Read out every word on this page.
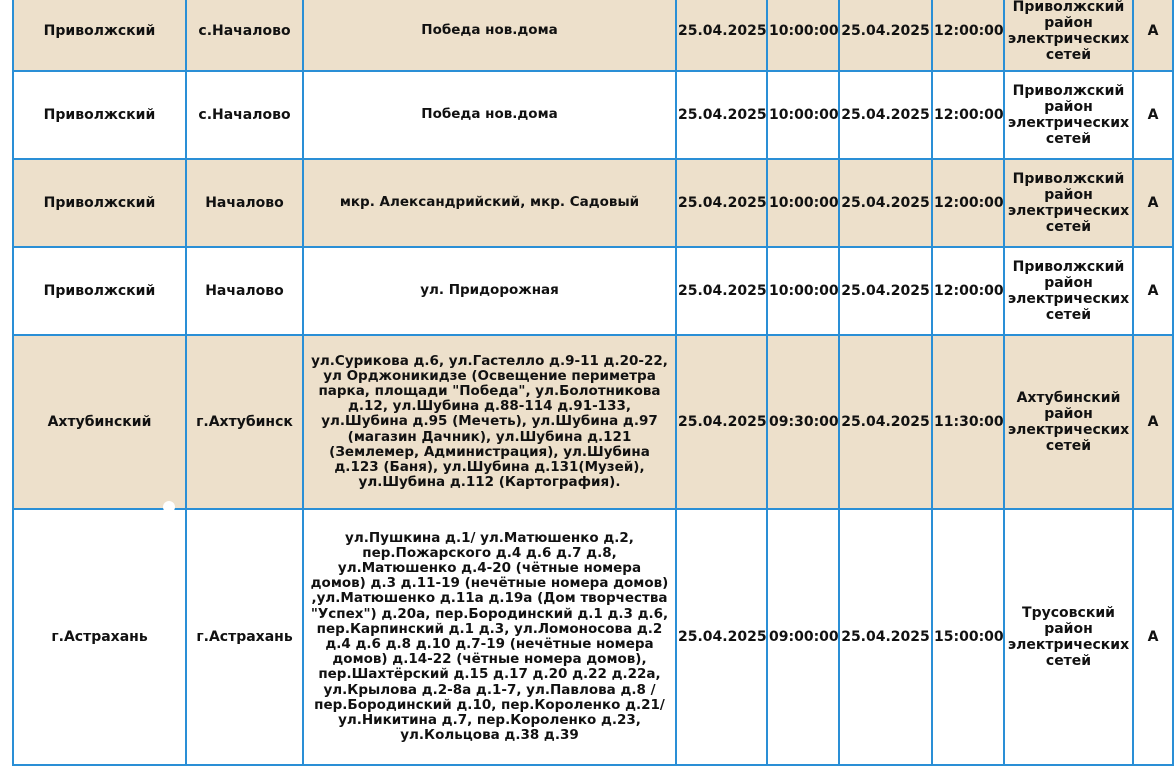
Приволжский	с.Началово	Победа нов.дома	25.04.2025	10:00:00	25.04.2025	12:00:00	Приволжский район электрических сетей	А
Приволжский	с.Началово	Победа нов.дома	25.04.2025	10:00:00	25.04.2025	12:00:00	Приволжский район электрических сетей	А
Приволжский	Началово	мкр. Александрийский, мкр. Садовый	25.04.2025	10:00:00	25.04.2025	12:00:00	Приволжский район электрических сетей	А
Приволжский	Началово	ул. Придорожная	25.04.2025	10:00:00	25.04.2025	12:00:00	Приволжский район электрических сетей	А
Ахтубинский	г.Ахтубинск	ул.Сурикова д.6, ул.Гастелло д.9-11 д.20-22, ул Орджоникидзе (Освещение периметра парка, площади "Победа", ул.Болотникова д.12, ул.Шубина д.88-114 д.91-133, ул.Шубина д.95 (Мечеть), ул.Шубина д.97 (магазин Дачник), ул.Шубина д.121 (Землемер, Администрация), ул.Шубина д.123 (Баня), ул.Шубина д.131(Музей), ул.Шубина д.112 (Картография).	25.04.2025	09:30:00	25.04.2025	11:30:00	Ахтубинский район электрических сетей	А
г.Астрахань	г.Астрахань	ул.Пушкина д.1/ ул.Матюшенко д.2, пер.Пожарского д.4 д.6 д.7 д.8, ул.Матюшенко д.4-20 (чётные номера домов) д.3 д.11-19 (нечётные номера домов) ,ул.Матюшенко д.11а д.19а (Дом творчества "Успех") д.20а, пер.Бородинский д.1 д.3 д.6, пер.Карпинский д.1 д.3, ул.Ломоносова д.2 д.4 д.6 д.8 д.10 д.7-19 (нечётные номера домов) д.14-22 (чётные номера домов), пер.Шахтёрский д.15 д.17 д.20 д.22 д.22а, ул.Крылова д.2-8а д.1-7, ул.Павлова д.8 / пер.Бородинский д.10, пер.Короленко д.21/ ул.Никитина д.7, пер.Короленко д.23, ул.Кольцова д.38 д.39	25.04.2025	09:00:00	25.04.2025	15:00:00	Трусовский район электрических сетей	А
